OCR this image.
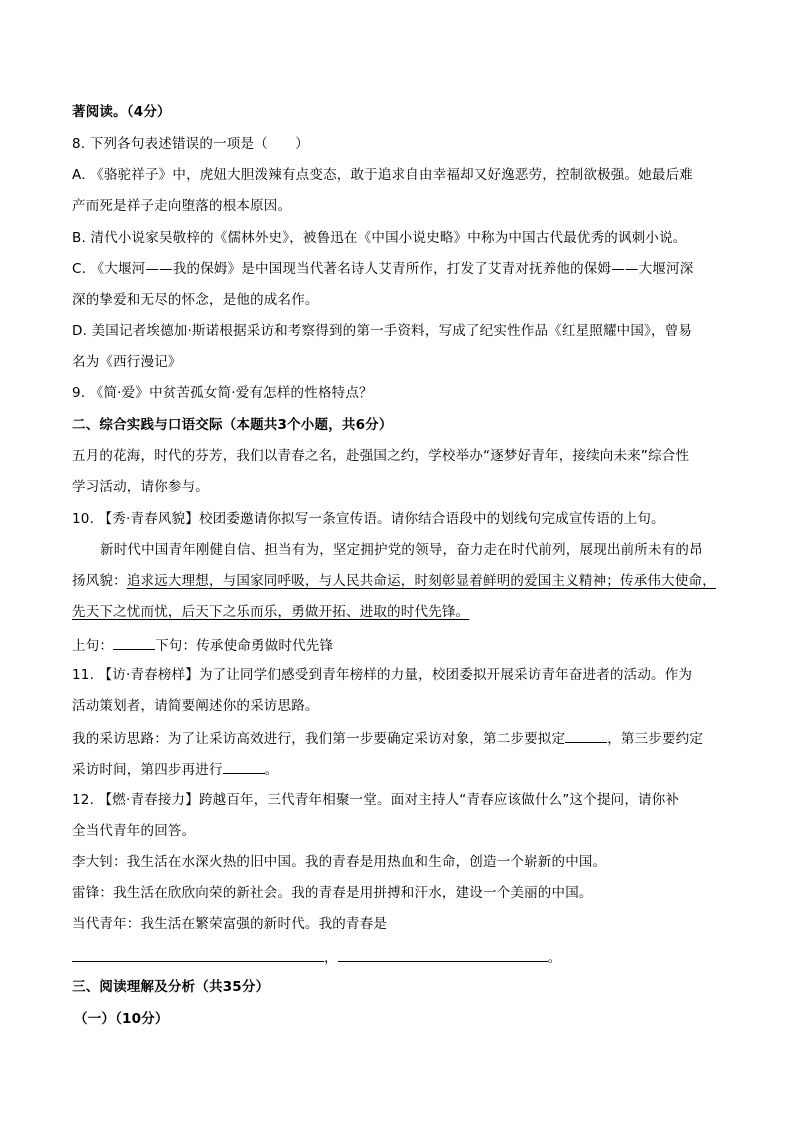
著阅读。（4分）
8. 下列各句表述错误的一项是（　　）
A. 《骆驼祥子》中，虎妞大胆泼辣有点变态，敢于追求自由幸福却又好逸恶劳，控制欲极强。她最后难
产而死是祥子走向堕落的根本原因。
B. 清代小说家吴敬梓的《儒林外史》，被鲁迅在《中国小说史略》中称为中国古代最优秀的讽刺小说。
C. 《大堰河——我的保姆》是中国现当代著名诗人艾青所作，打发了艾青对抚养他的保姆——大堰河深
深的挚爱和无尽的怀念，是他的成名作。
D. 美国记者埃德加·斯诺根据采访和考察得到的第一手资料，写成了纪实性作品《红星照耀中国》，曾易
名为《西行漫记》
9. 《简·爱》中贫苦孤女简·爱有怎样的性格特点？
二、综合实践与口语交际（本题共3个小题，共6分）
五月的花海，时代的芬芳，我们以青春之名，赴强国之约，学校举办“逐梦好青年，接续向未来”综合性
学习活动，请你参与。
10. 【秀·青春风貌】校团委邀请你拟写一条宣传语。请你结合语段中的划线句完成宣传语的上句。
新时代中国青年刚健自信、担当有为，坚定拥护党的领导，奋力走在时代前列，展现出前所未有的昂
扬风貌：追求远大理想，与国家同呼吸，与人民共命运，时刻彰显着鲜明的爱国主义精神；传承伟大使命，
先天下之忧而忧，后天下之乐而乐，勇做开拓、进取的时代先锋。
上句：	下句：传承使命勇做时代先锋
11. 【访·青春榜样】为了让同学们感受到青年榜样的力量，校团委拟开展采访青年奋进者的活动。作为
活动策划者，请简要阐述你的采访思路。
我的采访思路：为了让采访高效进行，我们第一步要确定采访对象，第二步要拟定	，第三步要约定
采访时间，第四步再进行	。
12. 【燃·青春接力】跨越百年，三代青年相聚一堂。面对主持人“青春应该做什么”这个提问，请你补
全当代青年的回答。
李大钊：我生活在水深火热的旧中国。我的青春是用热血和生命，创造一个崭新的中国。
雷锋：我生活在欣欣向荣的新社会。我的青春是用拼搏和汗水，建设一个美丽的中国。
当代青年：我生活在繁荣富强的新时代。我的青春是
，	。
三、阅读理解及分析（共35分）
（一）（10分）
